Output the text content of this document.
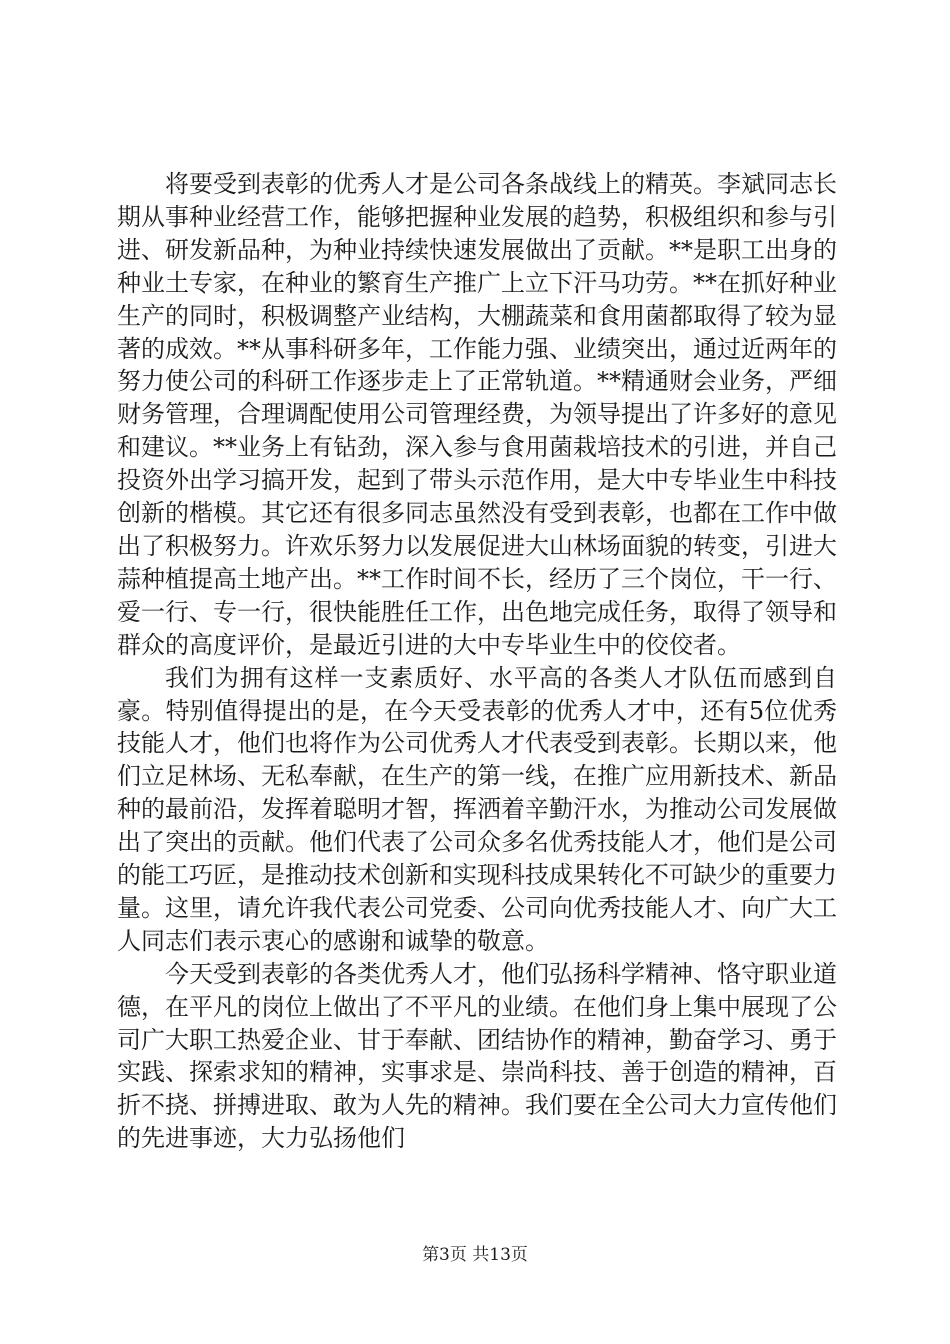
将要受到表彰的优秀人才是公司各条战线上的精英。李斌同志长期从事种业经营工作，能够把握种业发展的趋势，积极组织和参与引进、研发新品种，为种业持续快速发展做出了贡献。**是职工出身的种业土专家，在种业的繁育生产推广上立下汗马功劳。**在抓好种业生产的同时，积极调整产业结构，大棚蔬菜和食用菌都取得了较为显著的成效。**从事科研多年，工作能力强、业绩突出，通过近两年的努力使公司的科研工作逐步走上了正常轨道。**精通财会业务，严细财务管理，合理调配使用公司管理经费，为领导提出了许多好的意见和建议。**业务上有钻劲，深入参与食用菌栽培技术的引进，并自己投资外出学习搞开发，起到了带头示范作用，是大中专毕业生中科技创新的楷模。其它还有很多同志虽然没有受到表彰，也都在工作中做出了积极努力。许欢乐努力以发展促进大山林场面貌的转变，引进大蒜种植提高土地产出。**工作时间不长，经历了三个岗位，干一行、爱一行、专一行，很快能胜任工作，出色地完成任务，取得了领导和群众的高度评价，是最近引进的大中专毕业生中的佼佼者。

我们为拥有这样一支素质好、水平高的各类人才队伍而感到自豪。特别值得提出的是，在今天受表彰的优秀人才中，还有5位优秀技能人才，他们也将作为公司优秀人才代表受到表彰。长期以来，他们立足林场、无私奉献，在生产的第一线，在推广应用新技术、新品种的最前沿，发挥着聪明才智，挥洒着辛勤汗水，为推动公司发展做出了突出的贡献。他们代表了公司众多名优秀技能人才，他们是公司的能工巧匠，是推动技术创新和实现科技成果转化不可缺少的重要力量。这里，请允许我代表公司党委、公司向优秀技能人才、向广大工人同志们表示衷心的感谢和诚挚的敬意。

今天受到表彰的各类优秀人才，他们弘扬科学精神、恪守职业道德，在平凡的岗位上做出了不平凡的业绩。在他们身上集中展现了公司广大职工热爱企业、甘于奉献、团结协作的精神，勤奋学习、勇于实践、探索求知的精神，实事求是、崇尚科技、善于创造的精神，百折不挠、拼搏进取、敢为人先的精神。我们要在全公司大力宣传他们的先进事迹，大力弘扬他们

第3页 共13页
